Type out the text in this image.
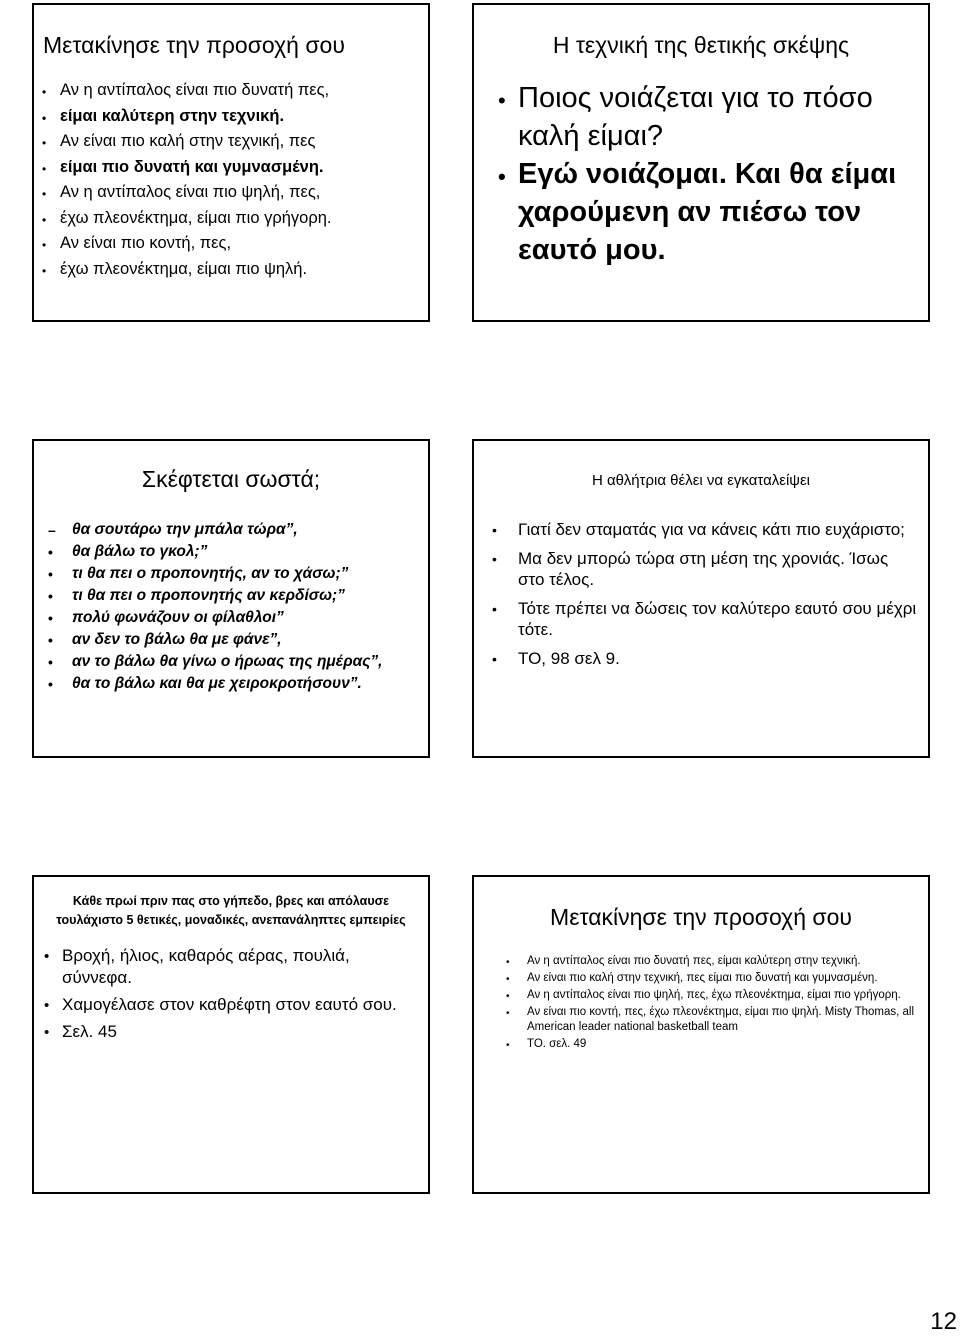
Μετακίνησε την προσοχή σου
• Αν η αντίπαλος είναι πιο δυνατή πες,
• είμαι καλύτερη στην τεχνική.
• Αν είναι πιο καλή στην τεχνική, πες
• είμαι πιο δυνατή και γυμνασμένη.
• Αν η αντίπαλος είναι πιο ψηλή, πες,
• έχω πλεονέκτημα, είμαι πιο γρήγορη.
• Αν είναι πιο κοντή, πες,
• έχω πλεονέκτημα, είμαι πιο ψηλή.
Η τεχνική της θετικής σκέψης
• Ποιος νοιάζεται για το πόσο καλή είμαι?
• Εγώ νοιάζομαι. Και θα είμαι χαρούμενη αν πιέσω τον εαυτό μου.
Σκέφτεται σωστά;
– θα σουτάρω την μπάλα τώρα”,
• θα βάλω το γκολ;”
• τι θα πει ο προπονητής, αν το χάσω;”
• τι θα πει ο προπονητής αν κερδίσω;”
• πολύ φωνάζουν οι φίλαθλοι”
• αν δεν το βάλω θα με φάνε”,
• αν το βάλω θα γίνω ο ήρωας της ημέρας”,
• θα το βάλω και θα με χειροκροτήσουν”.
Η αθλήτρια θέλει να εγκαταλείψει
• Γιατί δεν σταματάς για να κάνεις κάτι πιο ευχάριστο;
• Μα δεν μπορώ τώρα στη μέση της χρονιάς. Ίσως στο τέλος.
• Τότε πρέπει να δώσεις τον καλύτερο εαυτό σου μέχρι τότε.
• ΤΟ, 98 σελ 9.
Κάθε πρωί πριν πας στο γήπεδο, βρες και απόλαυσε τουλάχιστο 5 θετικές, μοναδικές, ανεπανάληπτες εμπειρίες
• Βροχή, ήλιος, καθαρός αέρας, πουλιά, σύννεφα.
• Χαμογέλασε στον καθρέφτη στον εαυτό σου.
• Σελ. 45
Μετακίνησε την προσοχή σου
• Αν η αντίπαλος είναι πιο δυνατή πες, είμαι καλύτερη στην τεχνική.
• Αν είναι πιο καλή στην τεχνική, πες είμαι πιο δυνατή και γυμνασμένη.
• Αν η αντίπαλος είναι πιο ψηλή, πες, έχω πλεονέκτημα, είμαι πιο γρήγορη.
• Αν είναι πιο κοντή, πες, έχω πλεονέκτημα, είμαι πιο ψηλή. Misty Thomas, all American leader national basketball team
• ΤΟ. σελ. 49
12
